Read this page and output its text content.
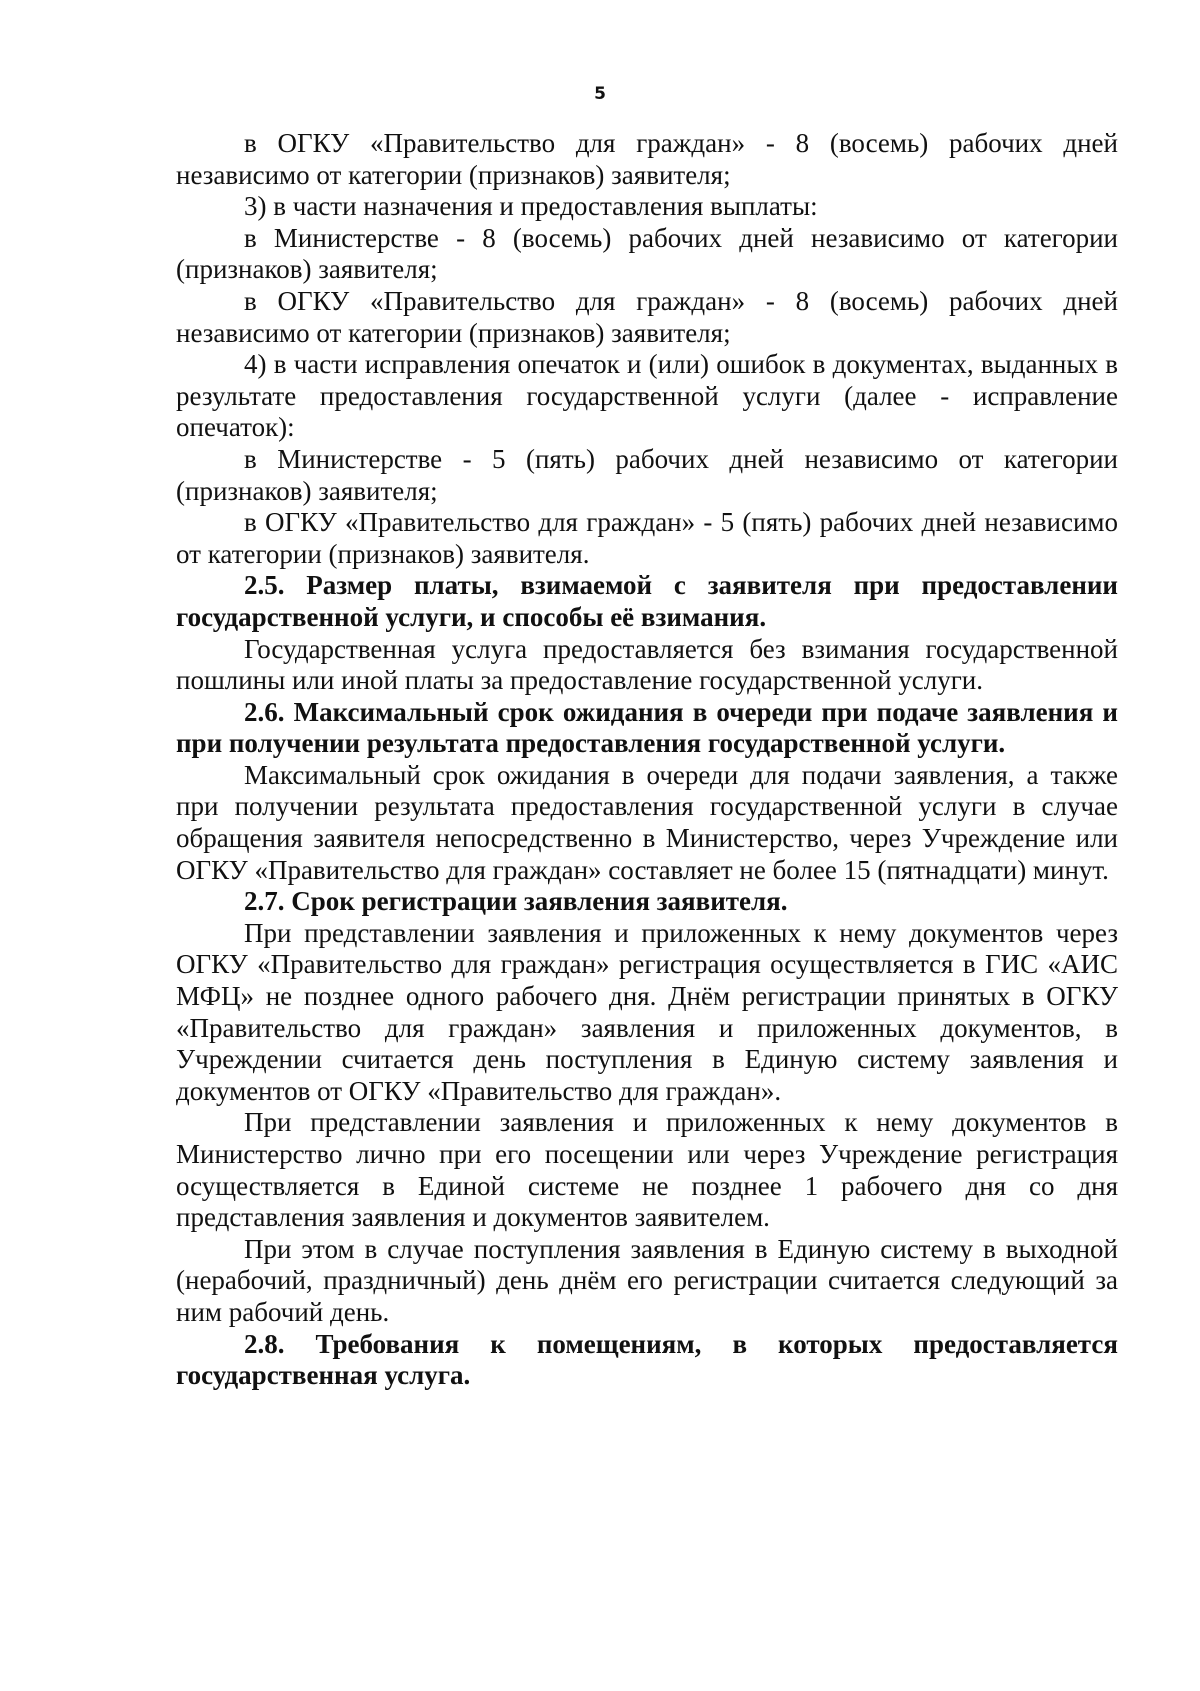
5

в ОГКУ «Правительство для граждан» - 8 (восемь) рабочих дней независимо от категории (признаков) заявителя;

3) в части назначения и предоставления выплаты:

в Министерстве - 8 (восемь) рабочих дней независимо от категории (признаков) заявителя;

в ОГКУ «Правительство для граждан» - 8 (восемь) рабочих дней независимо от категории (признаков) заявителя;

4) в части исправления опечаток и (или) ошибок в документах, выданных в результате предоставления государственной услуги (далее - исправление опечаток):

в Министерстве - 5 (пять) рабочих дней независимо от категории (признаков) заявителя;

в ОГКУ «Правительство для граждан» - 5 (пять) рабочих дней независимо от категории (признаков) заявителя.

2.5. Размер платы, взимаемой с заявителя при предоставлении государственной услуги, и способы её взимания.

Государственная услуга предоставляется без взимания государственной пошлины или иной платы за предоставление государственной услуги.

2.6. Максимальный срок ожидания в очереди при подаче заявления и при получении результата предоставления государственной услуги.

Максимальный срок ожидания в очереди для подачи заявления, а также при получении результата предоставления государственной услуги в случае обращения заявителя непосредственно в Министерство, через Учреждение или ОГКУ «Правительство для граждан» составляет не более 15 (пятнадцати) минут.

2.7. Срок регистрации заявления заявителя.

При представлении заявления и приложенных к нему документов через ОГКУ «Правительство для граждан» регистрация осуществляется в ГИС «АИС МФЦ» не позднее одного рабочего дня. Днём регистрации принятых в ОГКУ «Правительство для граждан» заявления и приложенных документов, в Учреждении считается день поступления в Единую систему заявления и документов от ОГКУ «Правительство для граждан».

При представлении заявления и приложенных к нему документов в Министерство лично при его посещении или через Учреждение регистрация осуществляется в Единой системе не позднее 1 рабочего дня со дня представления заявления и документов заявителем.

При этом в случае поступления заявления в Единую систему в выходной (нерабочий, праздничный) день днём его регистрации считается следующий за ним рабочий день.

2.8. Требования к помещениям, в которых предоставляется государственная услуга.
